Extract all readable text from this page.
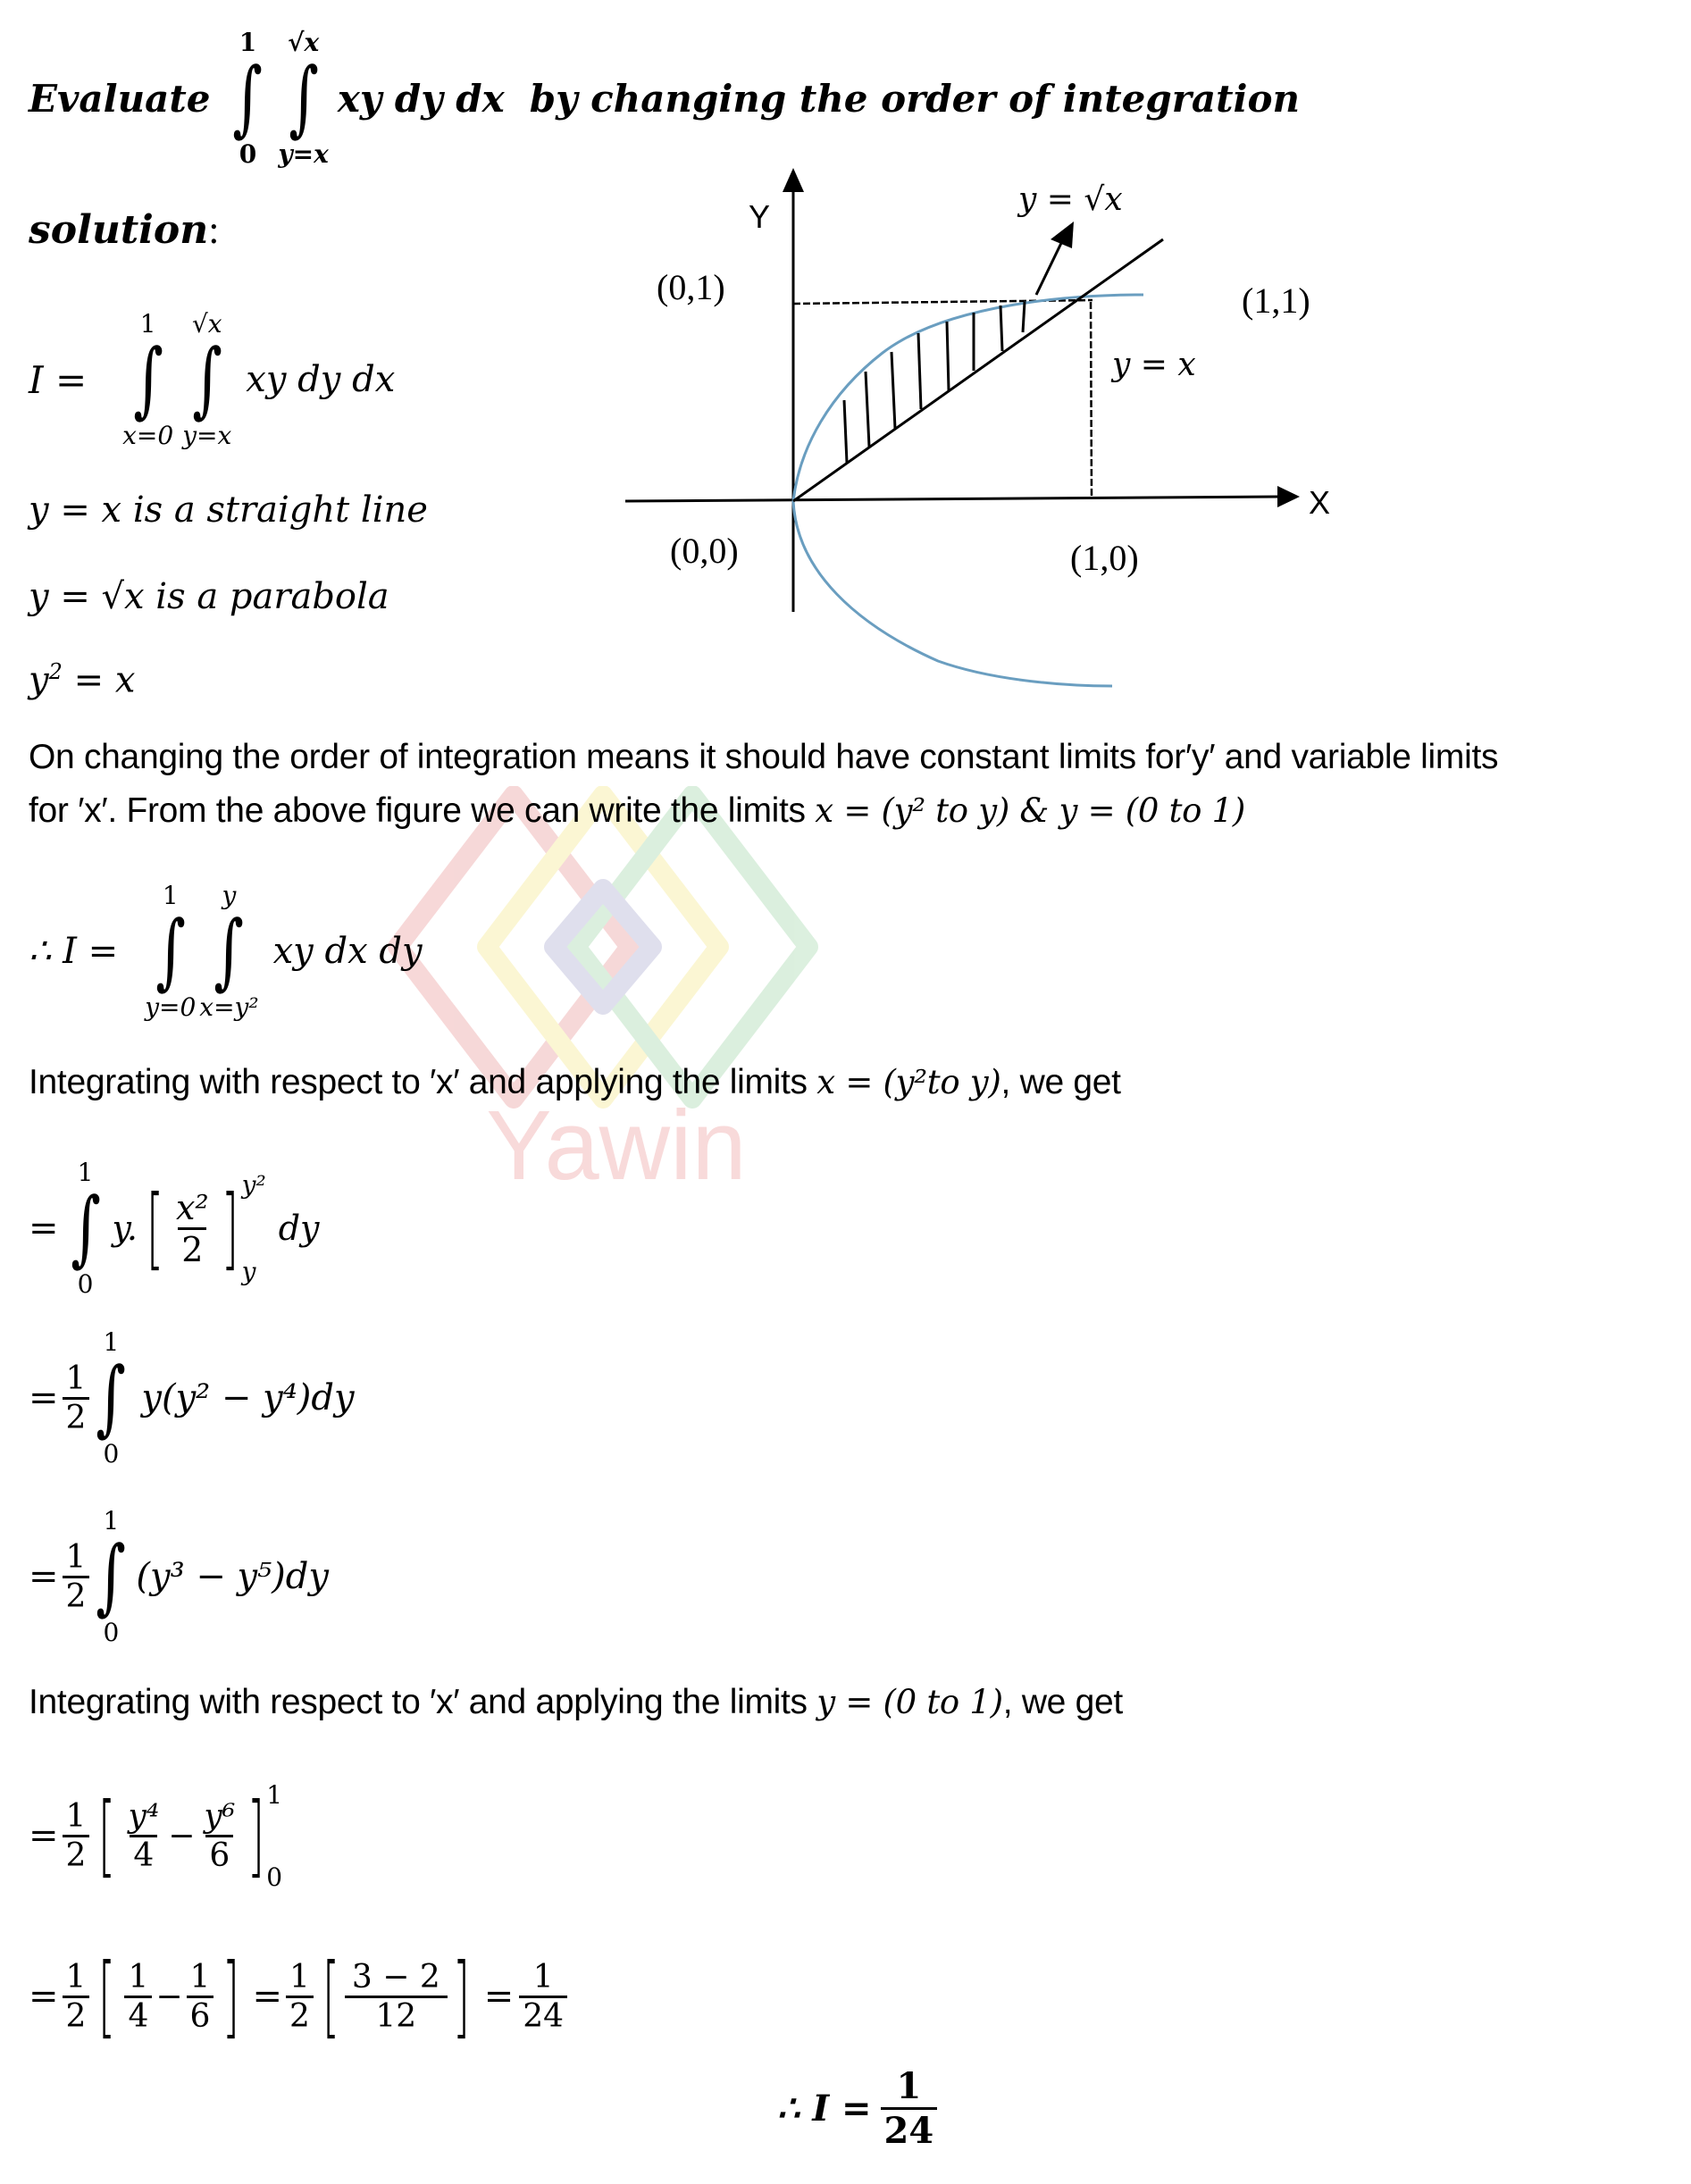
Yawin
Evaluate
1
∫
0
√x
∫
y=x
xy dy dx by changing the order of integration
solution:
I =
1
∫
x=0
√x
∫
y=x
xy dy dx
y = x is a straight line
y = √x is a parabola
$y^2 = x$
Y
X
y = √x
y = x
(0,1)	(1,1)
(0,0)	(1,0)
On changing the order of integration means it should have constant limits for′y′ and variable limits
for ′x′. From the above figure we can write the limits x = (y² to y) & y = (0 to 1)
∴ I =
1
∫
y=0
y
∫
x=y²
xy dx dy
Integrating with respect to ′x′ and applying the limits x = (y²to y), we get
=
1
∫
0
y. [ $\frac{\text{x²}}{2}$ ] y²
y
dy
= $\frac{1}{2}$
1
∫
0
y(y² − y⁴)dy
= $\frac{1}{2}$
1
∫
0
(y³ − y⁵)dy
Integrating with respect to ′x′ and applying the limits y = (0 to 1), we get
= $\frac{1}{2}$ [ $\frac{\text{y⁴}}{4} - \frac{\text{y⁶}}{6}$ ] 1
0
= $\frac{1}{2}$ [ $\frac{1}{4} - \frac{1}{6}$ ] = $\frac{1}{2}$ [ $\frac{3 - 2}{12}$ ] = $\frac{1}{24}$
∴ $I = \frac{1}{24}$
